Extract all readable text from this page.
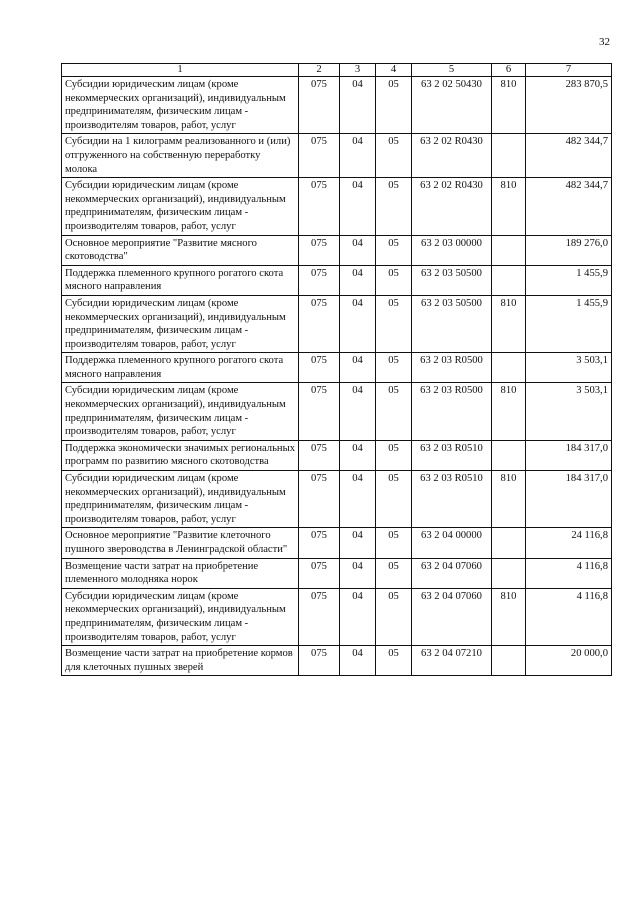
32
1	2	3	4	5	6	7
Субсидии юридическим лицам (кроме некоммерческих организаций), индивидуальным предпринимателям, физическим лицам - производителям товаров, работ, услуг	075	04	05	63 2 02 50430	810	283 870,5
Субсидии на 1 килограмм реализованного и (или) отгруженного на собственную переработку молока	075	04	05	63 2 02 R0430		482 344,7
Субсидии юридическим лицам (кроме некоммерческих организаций), индивидуальным предпринимателям, физическим лицам - производителям товаров, работ, услуг	075	04	05	63 2 02 R0430	810	482 344,7
Основное мероприятие "Развитие мясного скотоводства"	075	04	05	63 2 03 00000		189 276,0
Поддержка племенного крупного рогатого скота мясного направления	075	04	05	63 2 03 50500		1 455,9
Субсидии юридическим лицам (кроме некоммерческих организаций), индивидуальным предпринимателям, физическим лицам - производителям товаров, работ, услуг	075	04	05	63 2 03 50500	810	1 455,9
Поддержка племенного крупного рогатого скота мясного направления	075	04	05	63 2 03 R0500		3 503,1
Субсидии юридическим лицам (кроме некоммерческих организаций), индивидуальным предпринимателям, физическим лицам - производителям товаров, работ, услуг	075	04	05	63 2 03 R0500	810	3 503,1
Поддержка экономически значимых региональных программ по развитию мясного скотоводства	075	04	05	63 2 03 R0510		184 317,0
Субсидии юридическим лицам (кроме некоммерческих организаций), индивидуальным предпринимателям, физическим лицам - производителям товаров, работ, услуг	075	04	05	63 2 03 R0510	810	184 317,0
Основное мероприятие "Развитие клеточного пушного звероводства в Ленинградской области"	075	04	05	63 2 04 00000		24 116,8
Возмещение части затрат на приобретение племенного молодняка норок	075	04	05	63 2 04 07060		4 116,8
Субсидии юридическим лицам (кроме некоммерческих организаций), индивидуальным предпринимателям, физическим лицам - производителям товаров, работ, услуг	075	04	05	63 2 04 07060	810	4 116,8
Возмещение части затрат на приобретение кормов для клеточных пушных зверей	075	04	05	63 2 04 07210		20 000,0
